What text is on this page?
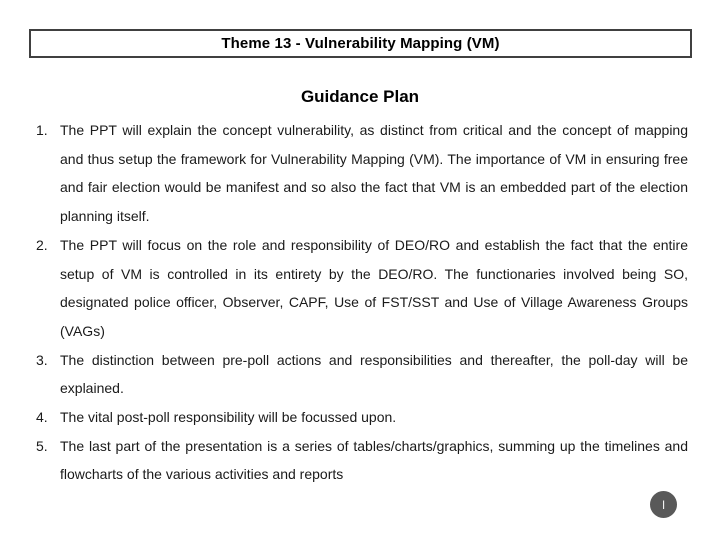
Theme 13 - Vulnerability Mapping (VM)
Guidance Plan
1. The PPT will explain the concept vulnerability, as distinct from critical and the concept of mapping and thus setup the framework for Vulnerability Mapping (VM). The importance of VM in ensuring free and fair election would be manifest and so also the fact that VM is an embedded part of the election planning itself.
2. The PPT will focus on the role and responsibility of DEO/RO and establish the fact that the entire setup of VM is controlled in its entirety by the DEO/RO. The functionaries involved being SO, designated police officer, Observer, CAPF, Use of FST/SST and Use of Village Awareness Groups (VAGs)
3. The distinction between pre-poll actions and responsibilities and thereafter, the poll-day will be explained.
4. The vital post-poll responsibility will be focussed upon.
5. The last part of the presentation is a series of tables/charts/graphics, summing up the timelines and flowcharts of the various activities and reports
I
